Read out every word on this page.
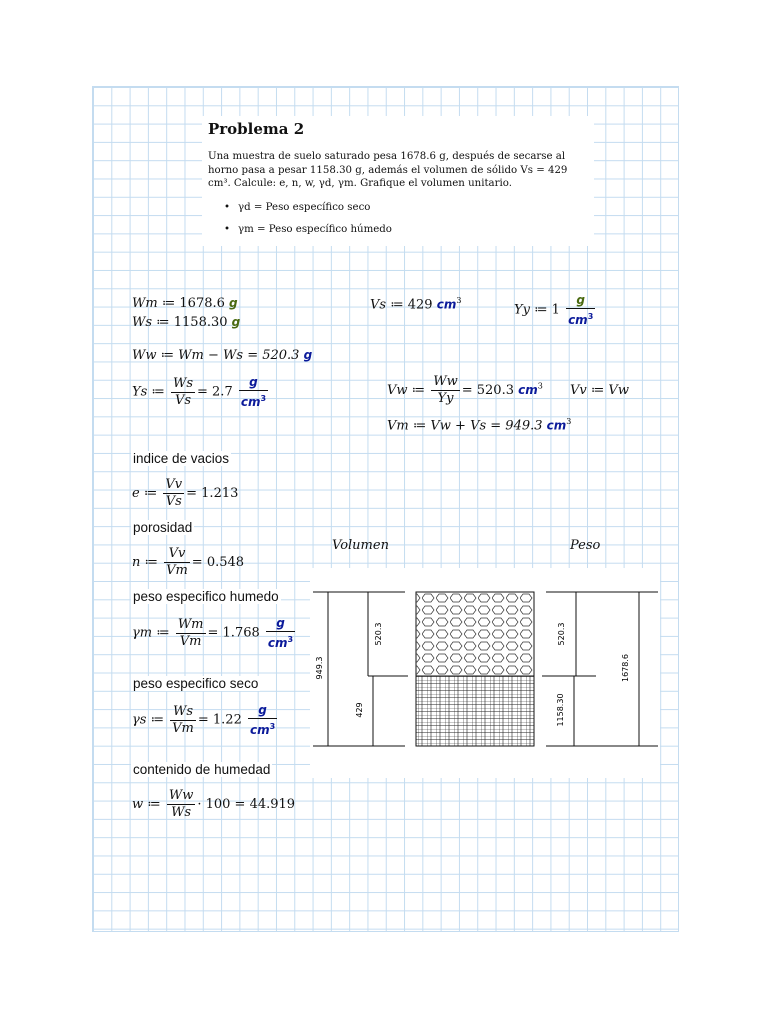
Problema 2

Una muestra de suelo saturado pesa 1678.6 g, después de secarse al horno pasa a pesar 1158.30 g, además el volumen de sólido Vs = 429 cm³. Calcule: e, n, w, γd, γm. Grafique el volumen unitario.

• γd = Peso específico seco
• γm = Peso específico húmedo
Wm ≔ 1678.6 g
Ws ≔ 1158.30 g
Vs ≔ 429 $cm^3$
Yy ≔ $1 \frac{g}{cm^3}$
Ww ≔ Wm − Ws = 520.3 g
Ys ≔ $\frac{Ws}{Vs} = 2.7 \frac{g}{cm^3}$	Vw ≔ $\frac{Ww}{Yy} = 520.3$ $cm^3$ Vv ≔ Vw
Vm ≔ Vw + Vs = 949.3 $cm^3$
indice de vacios
e ≔ $\frac{Vv}{Vs} = 1.213$
porosidad
n ≔ $\frac{Vv}{Vm} = 0.548$
peso especifico humedo
γm ≔ $\frac{Wm}{Vm} = 1.768 \frac{g}{cm^3}$
peso especifico seco
γs ≔ $\frac{Ws}{Vm} = 1.22 \frac{g}{cm^3}$
contenido de humedad
w ≔ $\frac{Ww}{Ws} \cdot 100 = 44.919$
Volumen	Peso
520.3
949.3
429
520.3
1678.6
1158.30
